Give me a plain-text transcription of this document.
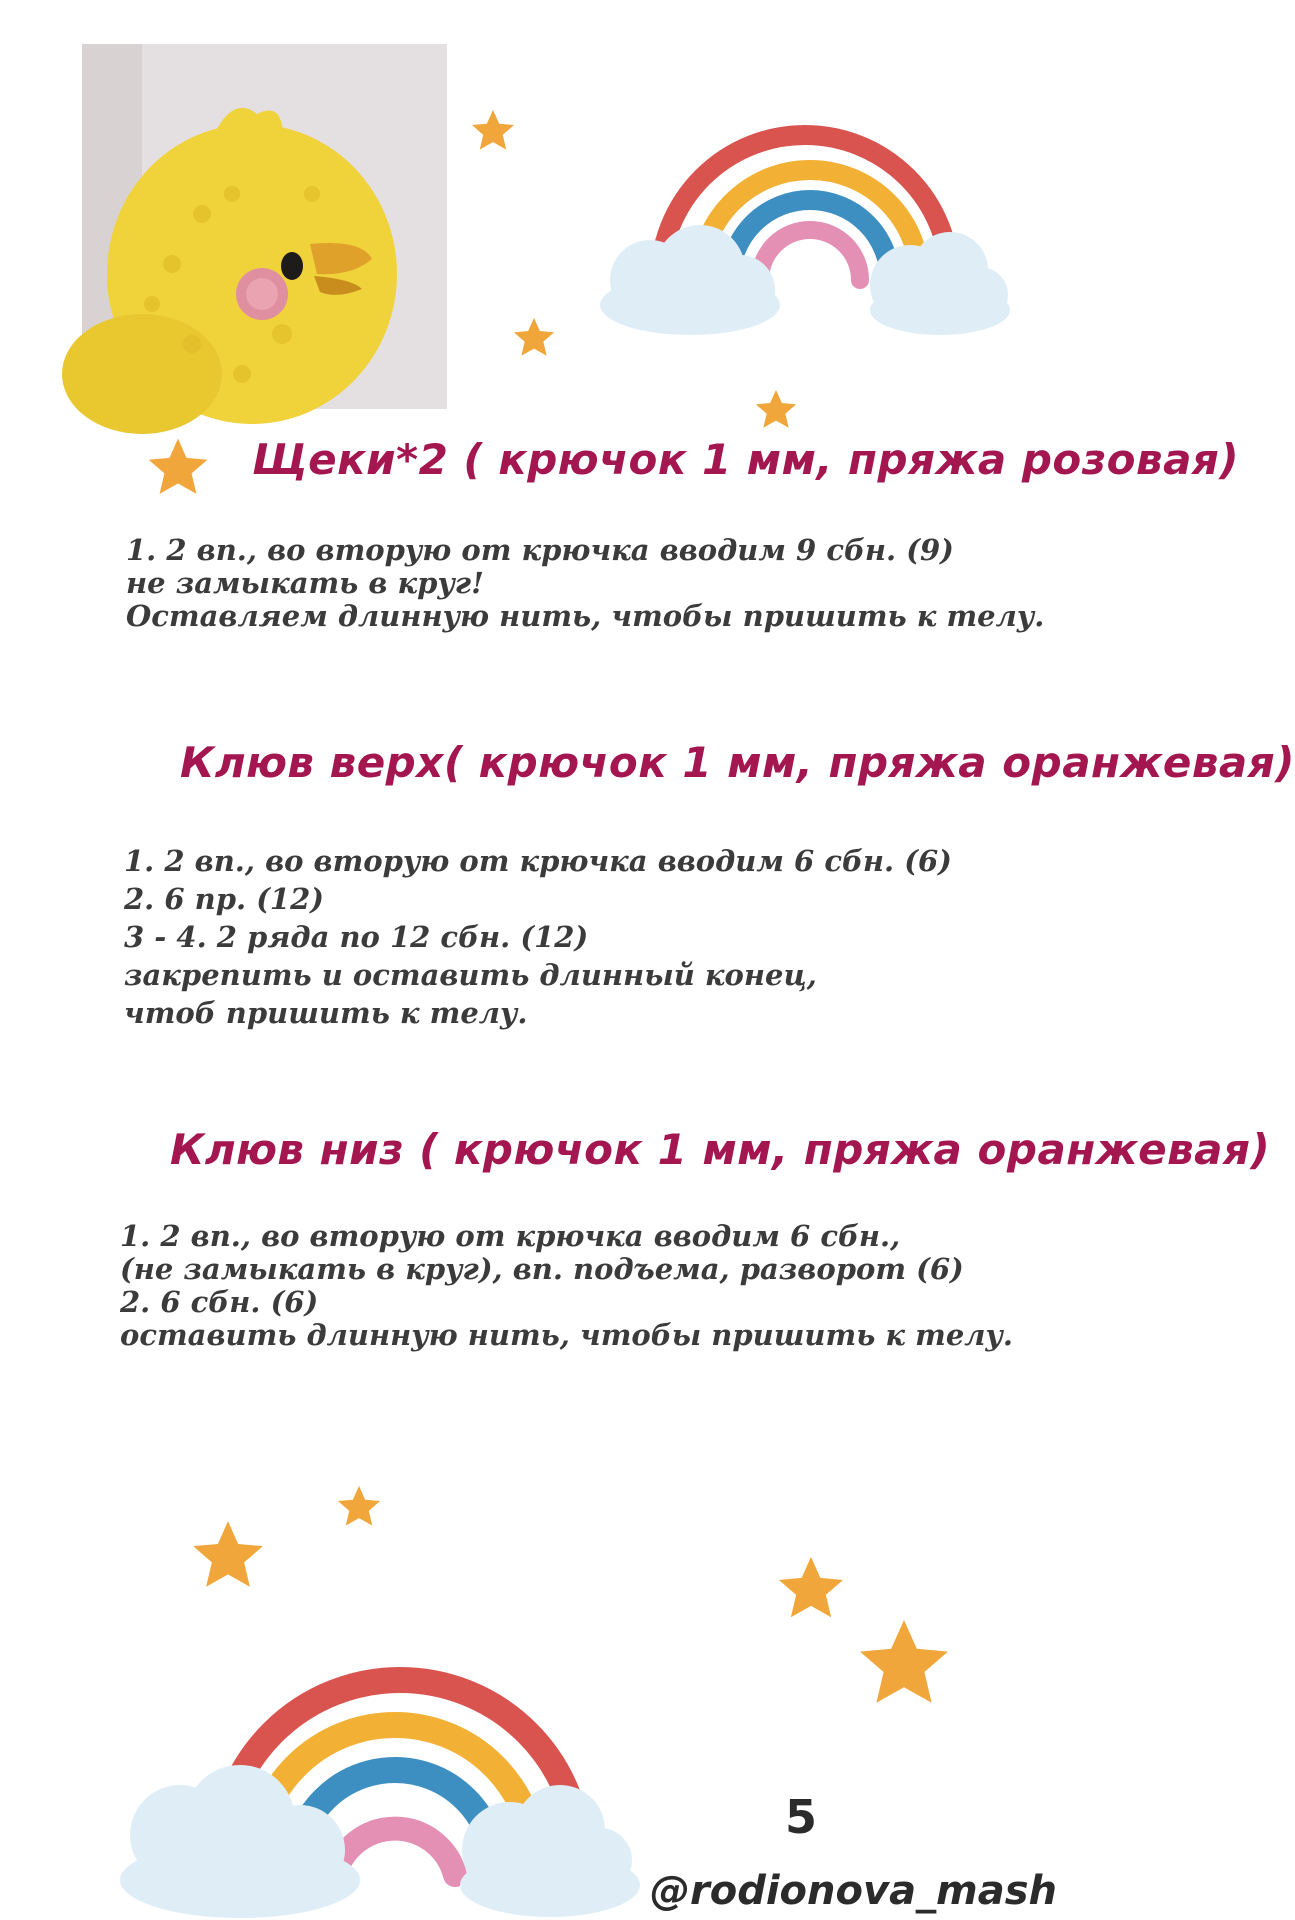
Щеки*2 ( крючок 1 мм, пряжа розовая)
1. 2 вп., во вторую от крючка вводим 9 сбн. (9)
не замыкать в круг!
Оставляем длинную нить, чтобы пришить к телу.
Клюв верх( крючок 1 мм, пряжа оранжевая)
1. 2 вп., во вторую от крючка вводим 6 сбн. (6)
2. 6 пр. (12)
3 - 4. 2 ряда по 12 сбн. (12)
закрепить и оставить длинный конец,
чтоб пришить к телу.
Клюв низ ( крючок 1 мм, пряжа оранжевая)
1. 2 вп., во вторую от крючка вводим 6 сбн.,
(не замыкать в круг), вп. подъема, разворот (6)
2. 6 сбн. (6)
оставить длинную нить, чтобы пришить к телу.
5
@rodionova_mash
